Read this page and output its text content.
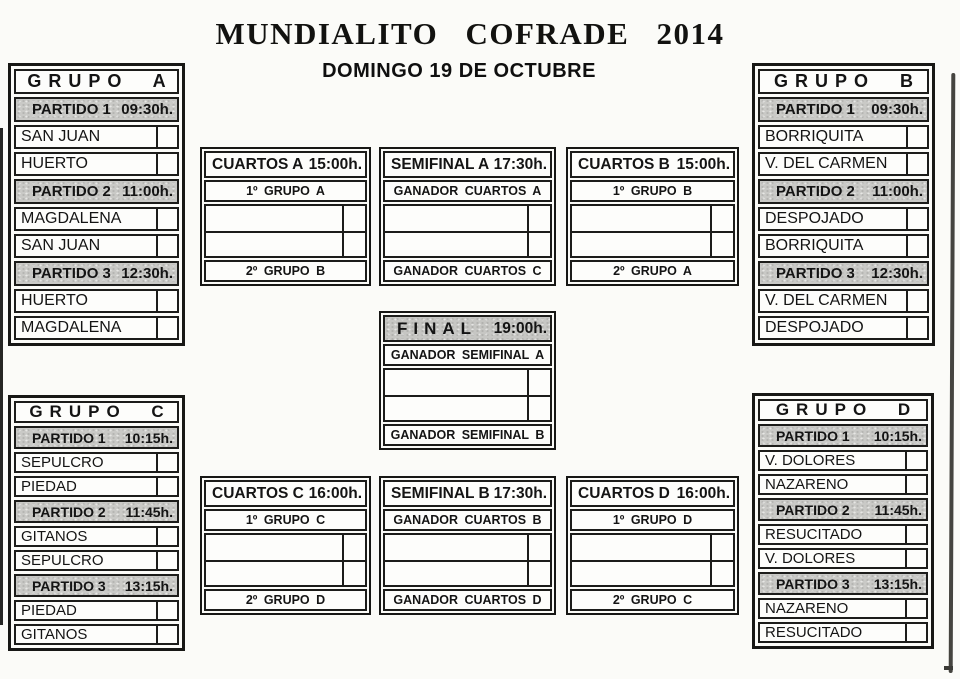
MUNDIALITO COFRADE 2014
DOMINGO 19 DE OCTUBRE
GRUPO A
PARTIDO 1 09:30h.
SAN JUAN
HUERTO
PARTIDO 2 11:00h.
MAGDALENA
SAN JUAN
PARTIDO 3 12:30h.
HUERTO
MAGDALENA
GRUPO B
PARTIDO 1 09:30h.
BORRIQUITA
V. DEL CARMEN
PARTIDO 2 11:00h.
DESPOJADO
BORRIQUITA
PARTIDO 3 12:30h.
V. DEL CARMEN
DESPOJADO
GRUPO C
PARTIDO 1 10:15h.
SEPULCRO
PIEDAD
PARTIDO 2 11:45h.
GITANOS
SEPULCRO
PARTIDO 3 13:15h.
PIEDAD
GITANOS
GRUPO D
PARTIDO 1 10:15h.
V. DOLORES
NAZARENO
PARTIDO 2 11:45h.
RESUCITADO
V. DOLORES
PARTIDO 3 13:15h.
NAZARENO
RESUCITADO
CUARTOS A 15:00h.
1º GRUPO A
2º GRUPO B
SEMIFINAL A 17:30h.
GANADOR CUARTOS A
GANADOR CUARTOS C
CUARTOS B 15:00h.
1º GRUPO B
2º GRUPO A
FINAL 19:00h.
GANADOR SEMIFINAL A
GANADOR SEMIFINAL B
CUARTOS C 16:00h.
1º GRUPO C
2º GRUPO D
SEMIFINAL B 17:30h.
GANADOR CUARTOS B
GANADOR CUARTOS D
CUARTOS D 16:00h.
1º GRUPO D
2º GRUPO C
